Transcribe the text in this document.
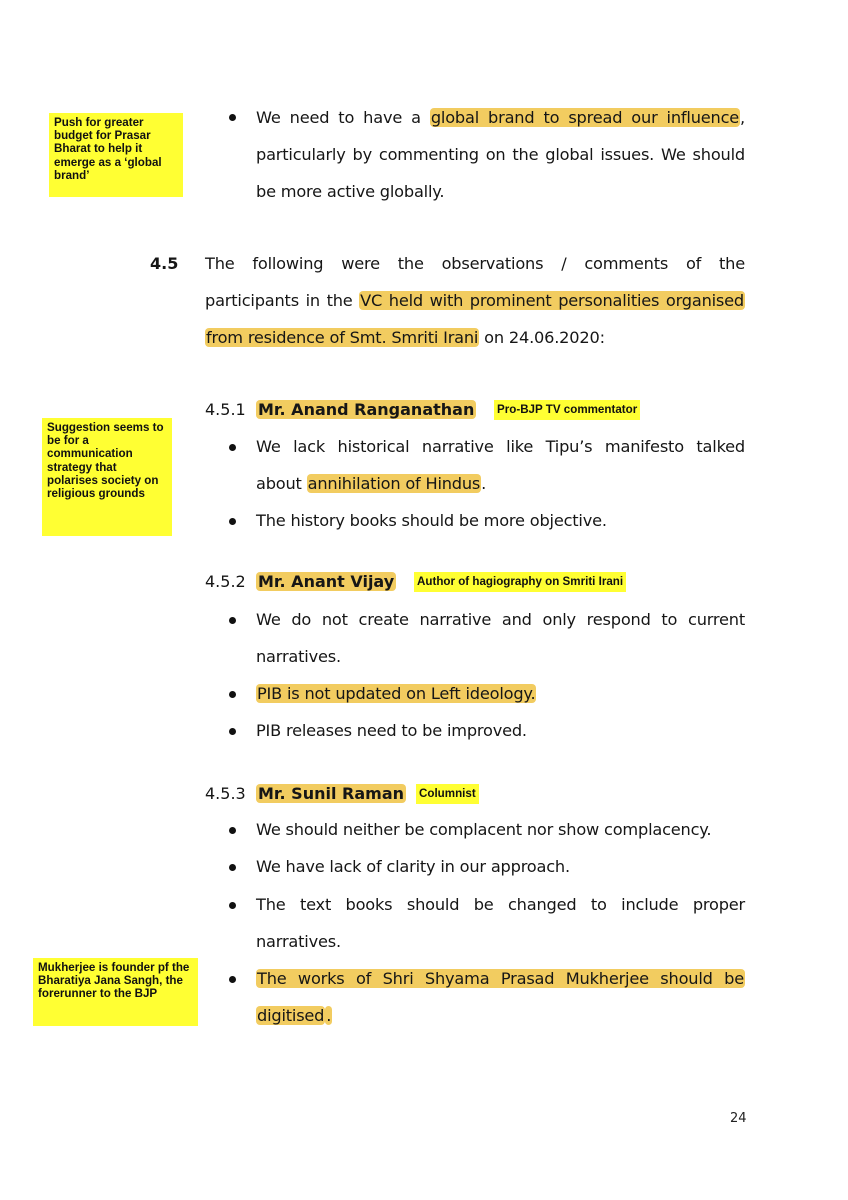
Push for greater budget for Prasar Bharat to help it emerge as a ‘global brand’
We need to have a global brand to spread our influence,
particularly by commenting on the global issues. We should
be more active globally.
4.5 The following were the observations / comments of the
participants in the VC held with prominent personalities organised
from residence of Smt. Smriti Irani on 24.06.2020:
Suggestion seems to be for a communication strategy that polarises society on religious grounds
4.5.1 Mr. Anand Ranganathan Pro-BJP TV commentator
We lack historical narrative like Tipu’s manifesto talked
about annihilation of Hindus.
The history books should be more objective.
4.5.2 Mr. Anant Vijay Author of hagiography on Smriti Irani
We do not create narrative and only respond to current
narratives.
PIB is not updated on Left ideology.
PIB releases need to be improved.
4.5.3 Mr. Sunil Raman Columnist
We should neither be complacent nor show complacency.
We have lack of clarity in our approach.
The text books should be changed to include proper
narratives.
Mukherjee is founder pf the Bharatiya Jana Sangh, the forerunner to the BJP
The works of Shri Shyama Prasad Mukherjee should be
digitised .
24
